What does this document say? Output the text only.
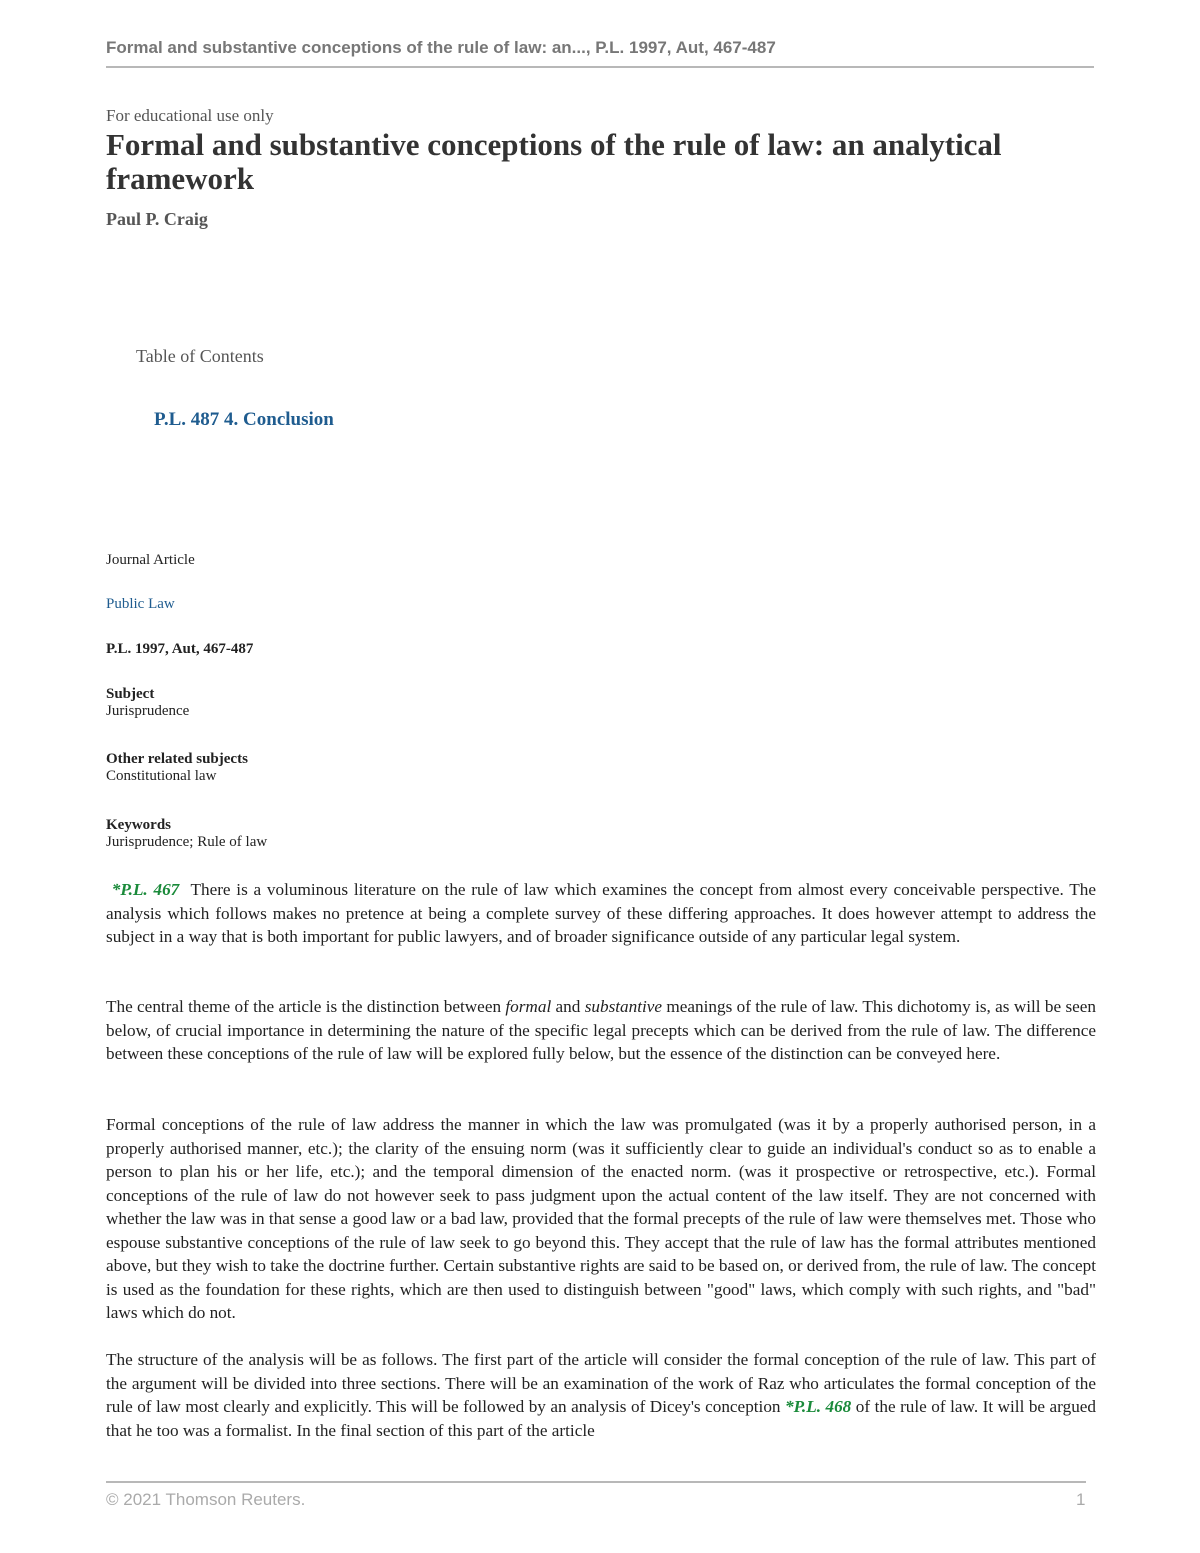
Formal and substantive conceptions of the rule of law: an..., P.L. 1997, Aut, 467-487
For educational use only
Formal and substantive conceptions of the rule of law: an analytical framework
Paul P. Craig
Table of Contents
P.L. 487 4. Conclusion
Journal Article
Public Law
P.L. 1997, Aut, 467-487
Subject
Jurisprudence
Other related subjects
Constitutional law
Keywords
Jurisprudence; Rule of law

*P.L. 467 There is a voluminous literature on the rule of law which examines the concept from almost every conceivable perspective. The analysis which follows makes no pretence at being a complete survey of these differing approaches. It does however attempt to address the subject in a way that is both important for public lawyers, and of broader significance outside of any particular legal system.

The central theme of the article is the distinction between formal and substantive meanings of the rule of law. This dichotomy is, as will be seen below, of crucial importance in determining the nature of the specific legal precepts which can be derived from the rule of law. The difference between these conceptions of the rule of law will be explored fully below, but the essence of the distinction can be conveyed here.

Formal conceptions of the rule of law address the manner in which the law was promulgated (was it by a properly authorised person, in a properly authorised manner, etc.); the clarity of the ensuing norm (was it sufficiently clear to guide an individual's conduct so as to enable a person to plan his or her life, etc.); and the temporal dimension of the enacted norm. (was it prospective or retrospective, etc.). Formal conceptions of the rule of law do not however seek to pass judgment upon the actual content of the law itself. They are not concerned with whether the law was in that sense a good law or a bad law, provided that the formal precepts of the rule of law were themselves met. Those who espouse substantive conceptions of the rule of law seek to go beyond this. They accept that the rule of law has the formal attributes mentioned above, but they wish to take the doctrine further. Certain substantive rights are said to be based on, or derived from, the rule of law. The concept is used as the foundation for these rights, which are then used to distinguish between "good" laws, which comply with such rights, and "bad" laws which do not.

The structure of the analysis will be as follows. The first part of the article will consider the formal conception of the rule of law. This part of the argument will be divided into three sections. There will be an examination of the work of Raz who articulates the formal conception of the rule of law most clearly and explicitly. This will be followed by an analysis of Dicey's conception *P.L. 468 of the rule of law. It will be argued that he too was a formalist. In the final section of this part of the article

© 2021 Thomson Reuters.	1
